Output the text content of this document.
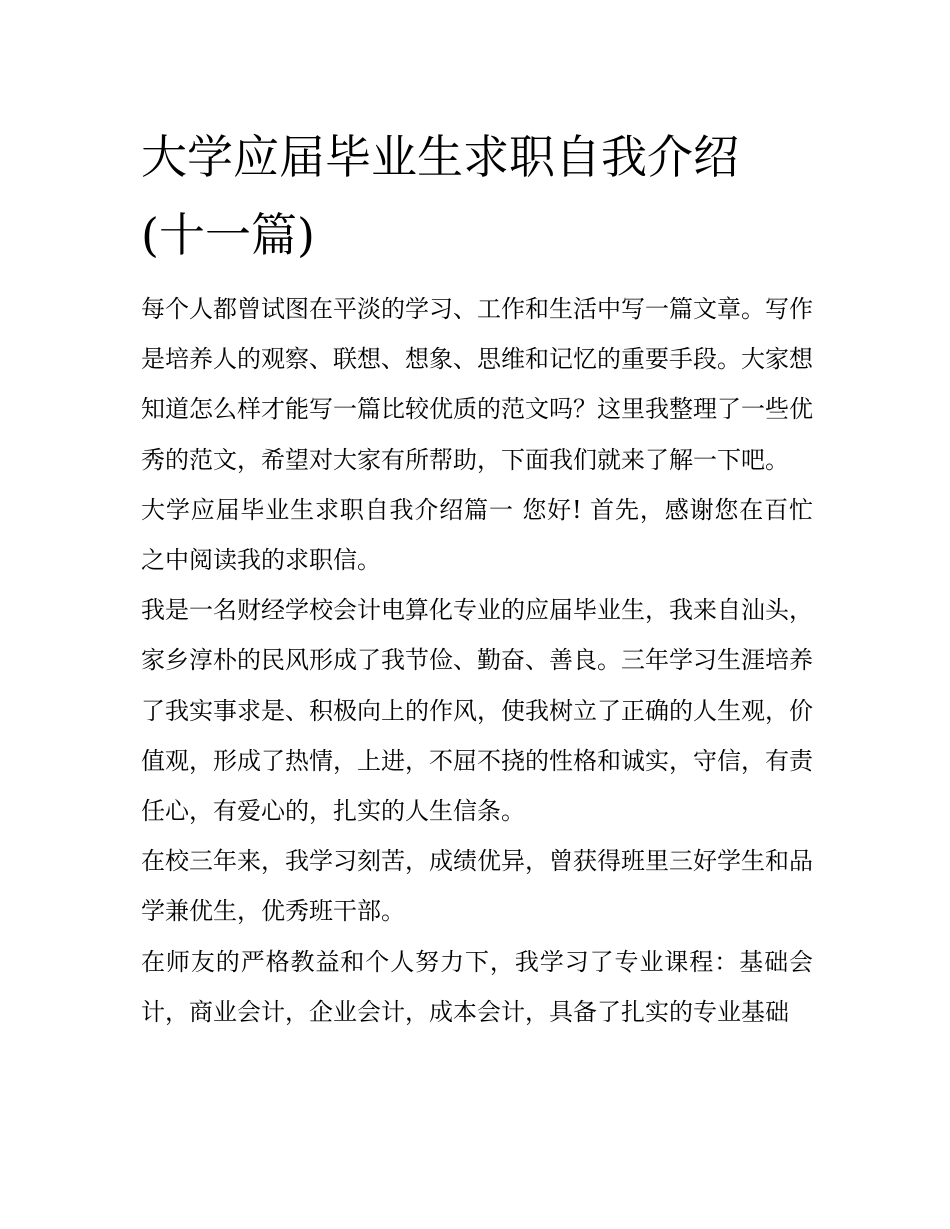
大学应届毕业生求职自我介绍
(十一篇)

每个人都曾试图在平淡的学习、工作和生活中写一篇文章。写作是培养人的观察、联想、想象、思维和记忆的重要手段。大家想知道怎么样才能写一篇比较优质的范文吗？这里我整理了一些优秀的范文，希望对大家有所帮助，下面我们就来了解一下吧。

大学应届毕业生求职自我介绍篇一 您好! 首先，感谢您在百忙之中阅读我的求职信。

我是一名财经学校会计电算化专业的应届毕业生，我来自汕头，家乡淳朴的民风形成了我节俭、勤奋、善良。三年学习生涯培养了我实事求是、积极向上的作风，使我树立了正确的人生观，价值观，形成了热情，上进，不屈不挠的性格和诚实，守信，有责任心，有爱心的，扎实的人生信条。

在校三年来，我学习刻苦，成绩优异，曾获得班里三好学生和品学兼优生，优秀班干部。

在师友的严格教益和个人努力下，我学习了专业课程：基础会计，商业会计，企业会计，成本会计，具备了扎实的专业基础
